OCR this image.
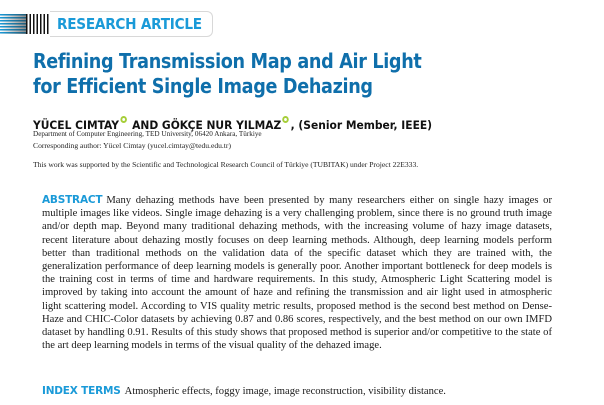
RESEARCH ARTICLE
Refining Transmission Map and Air Light
for Efficient Single Image Dehazing
YÜCEL CIMTAY AND GÖKÇE NUR YILMAZ , (Senior Member, IEEE)
Department of Computer Engineering, TED University, 06420 Ankara, Türkiye
Corresponding author: Yücel Cimtay (yucel.cimtay@tedu.edu.tr)
This work was supported by the Scientific and Technological Research Council of Türkiye (TUBITAK) under Project 22E333.

ABSTRACT Many dehazing methods have been presented by many researchers either on single hazy images or multiple images like videos. Single image dehazing is a very challenging problem, since there is no ground truth image and/or depth map. Beyond many traditional dehazing methods, with the increasing volume of hazy image datasets, recent literature about dehazing mostly focuses on deep learning methods. Although, deep learning models perform better than traditional methods on the validation data of the specific dataset which they are trained with, the generalization performance of deep learning models is generally poor. Another important bottleneck for deep models is the training cost in terms of time and hardware requirements. In this study, Atmospheric Light Scattering model is improved by taking into account the amount of haze and refining the transmission and air light used in atmospheric light scattering model. According to VIS quality metric results, proposed method is the second best method on Dense-Haze and CHIC-Color datasets by achieving 0.87 and 0.86 scores, respectively, and the best method on our own IMFD dataset by handling 0.91. Results of this study shows that proposed method is superior and/or competitive to the state of the art deep learning models in terms of the visual quality of the dehazed image.

INDEX TERMS Atmospheric effects, foggy image, image reconstruction, visibility distance.
